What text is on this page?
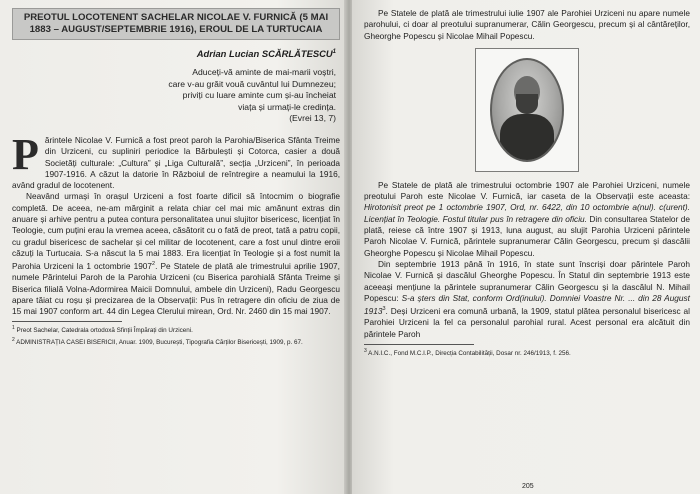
PREOTUL LOCOTENENT SACHELAR NICOLAE V. FURNICĂ (5 MAI 1883 – AUGUST/SEPTEMBRIE 1916), EROUL DE LA TURTUCAIA
Adrian Lucian SCĂRLĂTESCU$^1$
Aduceți-vă aminte de mai-marii voștri,
care v-au grăit vouă cuvântul lui Dumnezeu;
priviți cu luare aminte cum și-au încheiat
viața și urmați-le credința.
(Evrei 13, 7)

Părintele Nicolae V. Furnică a fost preot paroh la Parohia/Biserica Sfânta Treime din Urziceni, cu supliniri periodice la Bărbulești și Cotorca, casier a două Societăți culturale: „Cultura” și „Liga Culturală”, secția „Urziceni”, în perioada 1907-1916. A căzut la datorie în Războiul de reîntregire a neamului la 1916, având gradul de locotenent.

Neavând urmași în orașul Urziceni a fost foarte dificil să întocmim o biografie completă. De aceea, ne-am mărginit a relata chiar cel mai mic amănunt extras din anuare și arhive pentru a putea contura personalitatea unui slujitor bisericesc, licențiat în Teologie, cum puțini erau la vremea aceea, căsătorit cu o fată de preot, tată a patru copii, cu gradul bisericesc de sachelar și cel militar de locotenent, care a fost unul dintre eroii căzuți la Turtucaia. S-a născut la 5 mai 1883. Era licențiat în Teologie și a fost numit la Parohia Urziceni la 1 octombrie 1907$^2$. Pe Statele de plată ale trimestrului aprilie 1907, numele Părintelui Paroh de la Parohia Urziceni (cu Biserica parohială Sfânta Treime și Biserica filială Volna-Adormirea Maicii Domnului, ambele din Urziceni), Radu Georgescu apare tăiat cu roșu și precizarea de la Observații: Pus în retragere din oficiu de ziua de 15 mai 1907 conform art. 44 din Legea Clerului mirean, Ord. Nr. 2460 din 15 mai 1907.

$^1$ Preot Sachelar, Catedrala ortodoxă Sfinții Împărați din Urziceni.

$^2$ ADMINISTRAȚIA CASEI BISERICII, Anuar. 1909, București, Tipografia Cărților Bisericești, 1909, p. 67.

Pe Statele de plată ale trimestrului iulie 1907 ale Parohiei Urziceni nu apare numele parohului, ci doar al preotului supranumerar, Călin Georgescu, precum și al cântăreților, Gheorghe Popescu și Nicolae Mihail Popescu.

Pe Statele de plată ale trimestrului octombrie 1907 ale Parohiei Urziceni, numele preotului Paroh este Nicolae V. Furnică, iar caseta de la Observații este aceasta: Hirotonisit preot pe 1 octombrie 1907, Ord, nr. 6422, din 10 octombrie a(nul). c(urent). Licențiat în Teologie. Fostul titular pus în retragere din oficiu. Din consultarea Statelor de plată, reiese că între 1907 și 1913, luna august, au slujit Parohia Urziceni părintele Paroh Nicolae V. Furnică, părintele supranumerar Călin Georgescu, precum și dascălii Gheorghe Popescu și Nicolae Mihail Popescu.

Din septembrie 1913 până în 1916, în state sunt înscriși doar părintele Paroh Nicolae V. Furnică și dascălul Gheorghe Popescu. În Statul din septembrie 1913 este aceeași mențiune la părintele supranumerar Călin Georgescu și la dascălul N. Mihail Popescu: S-a șters din Stat, conform Ord(inului). Domniei Voastre Nr. ... din 28 August 1913$^3$. Deși Urziceni era comună urbană, la 1909, statul plătea personalul bisericesc al Parohiei Urziceni la fel ca personalul parohial rural. Acest personal era alcătuit din părintele Paroh

$^3$ A.N.I.C., Fond M.C.I.P., Direcția Contabilității, Dosar nr. 246/1913, f. 256.

205
